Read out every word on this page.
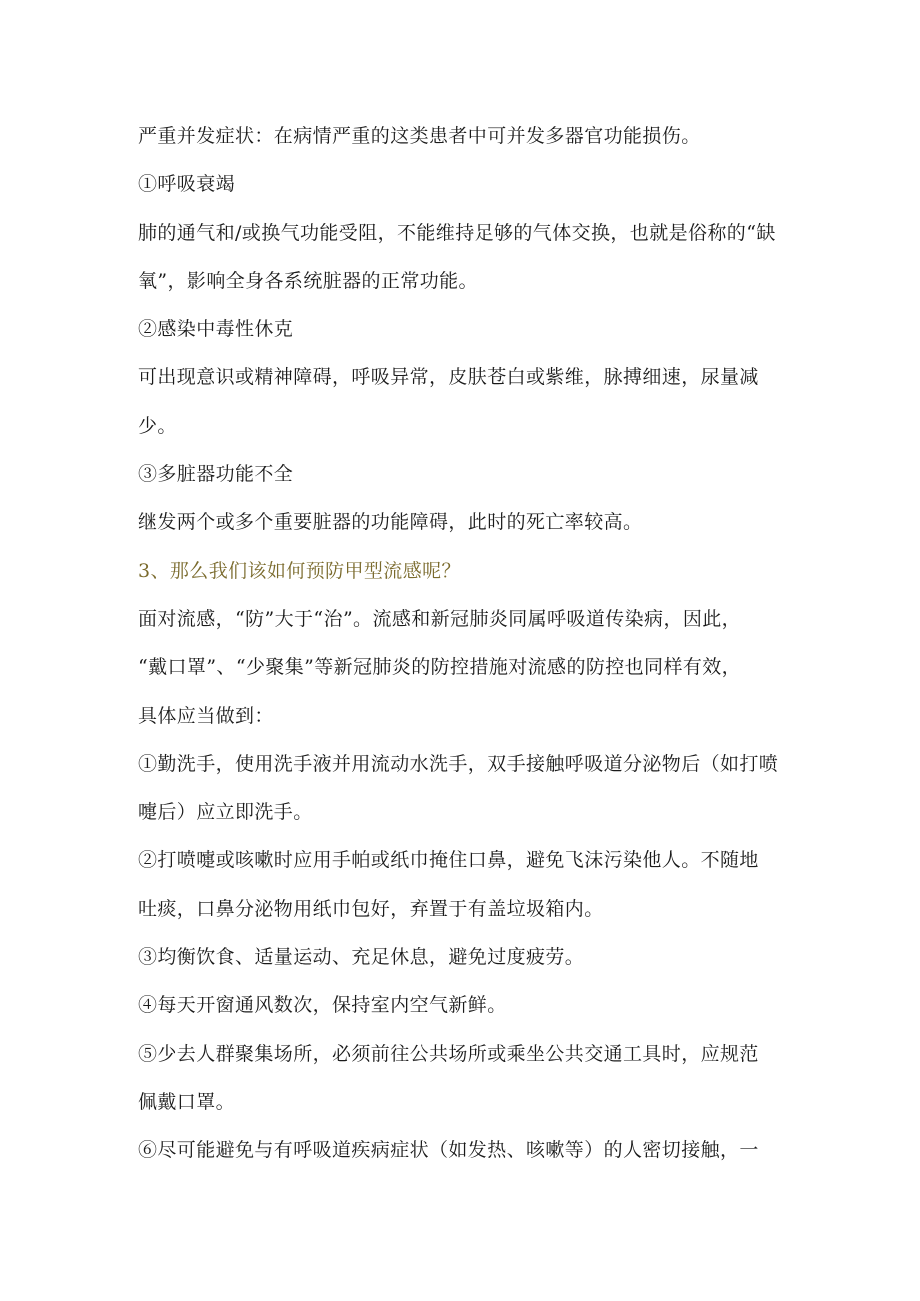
严重并发症状：在病情严重的这类患者中可并发多器官功能损伤。
①呼吸衰竭
肺的通气和/或换气功能受阻，不能维持足够的气体交换，也就是俗称的“缺
氧”，影响全身各系统脏器的正常功能。
②感染中毒性休克
可出现意识或精神障碍，呼吸异常，皮肤苍白或紫维，脉搏细速，尿量减
少。
③多脏器功能不全
继发两个或多个重要脏器的功能障碍，此时的死亡率较高。
3、那么我们该如何预防甲型流感呢？
面对流感，“防”大于“治”。流感和新冠肺炎同属呼吸道传染病，因此，
“戴口罩”、“少聚集”等新冠肺炎的防控措施对流感的防控也同样有效，
具体应当做到：
①勤洗手，使用洗手液并用流动水洗手，双手接触呼吸道分泌物后（如打喷
嚏后）应立即洗手。
②打喷嚏或咳嗽时应用手帕或纸巾掩住口鼻，避免飞沫污染他人。不随地
吐痰，口鼻分泌物用纸巾包好，弃置于有盖垃圾箱内。
③均衡饮食、适量运动、充足休息，避免过度疲劳。
④每天开窗通风数次，保持室内空气新鲜。
⑤少去人群聚集场所，必须前往公共场所或乘坐公共交通工具时，应规范
佩戴口罩。
⑥尽可能避免与有呼吸道疾病症状（如发热、咳嗽等）的人密切接触，一
